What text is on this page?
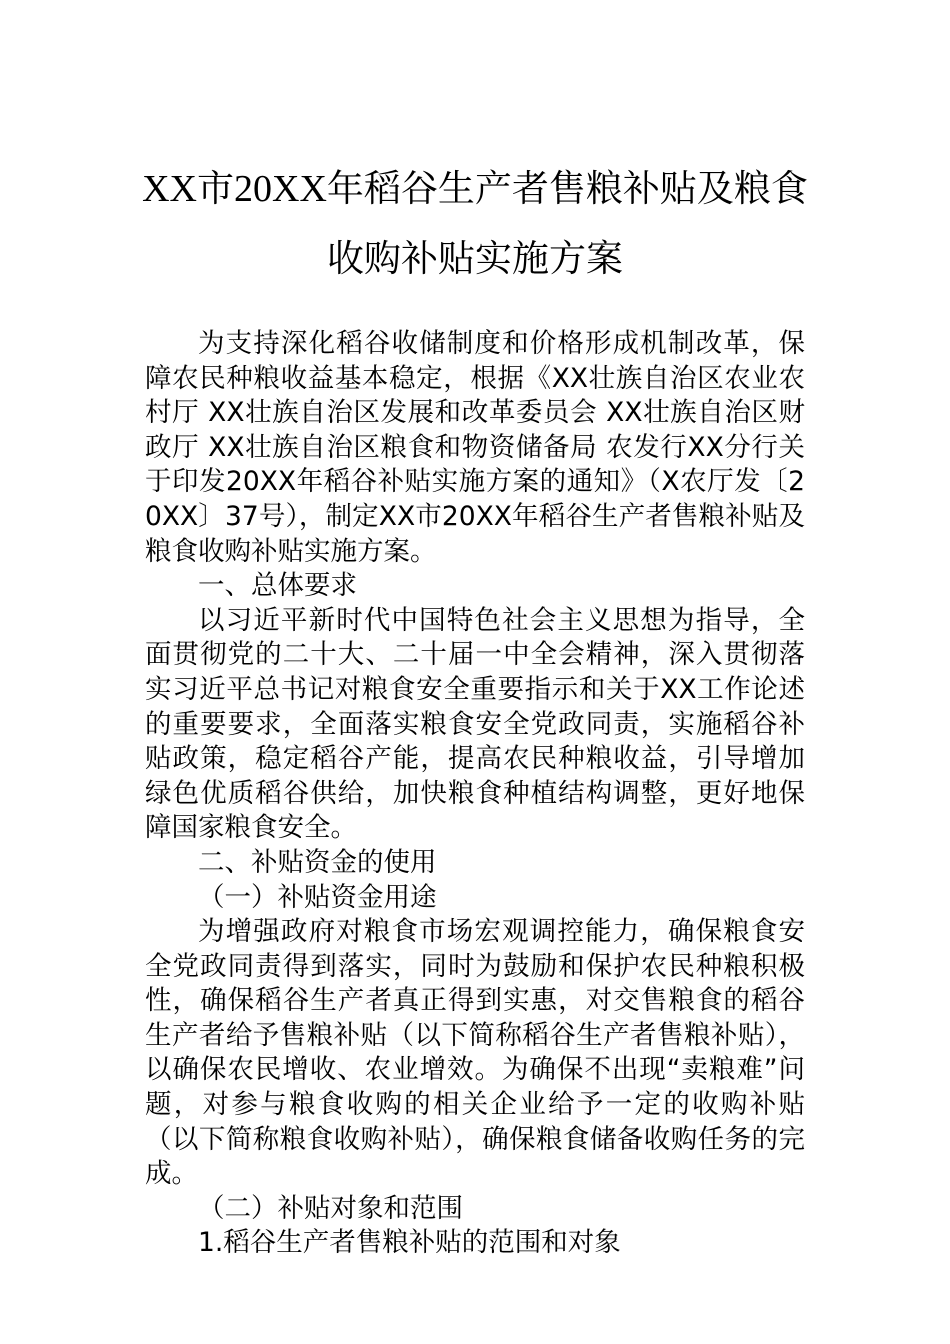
XX市20XX年稻谷生产者售粮补贴及粮食
收购补贴实施方案

为支持深化稻谷收储制度和价格形成机制改革，保障农民种粮收益基本稳定，根据《XX壮族自治区农业农村厅 XX壮族自治区发展和改革委员会 XX壮族自治区财政厅 XX壮族自治区粮食和物资储备局 农发行XX分行关于印发20XX年稻谷补贴实施方案的通知》（X农厅发〔20XX〕37号），制定XX市20XX年稻谷生产者售粮补贴及粮食收购补贴实施方案。

一、总体要求

以习近平新时代中国特色社会主义思想为指导，全面贯彻党的二十大、二十届一中全会精神，深入贯彻落实习近平总书记对粮食安全重要指示和关于XX工作论述的重要要求，全面落实粮食安全党政同责，实施稻谷补贴政策，稳定稻谷产能，提高农民种粮收益，引导增加绿色优质稻谷供给，加快粮食种植结构调整，更好地保障国家粮食安全。

二、补贴资金的使用

（一）补贴资金用途

为增强政府对粮食市场宏观调控能力，确保粮食安全党政同责得到落实，同时为鼓励和保护农民种粮积极性，确保稻谷生产者真正得到实惠，对交售粮食的稻谷生产者给予售粮补贴（以下简称稻谷生产者售粮补贴），以确保农民增收、农业增效。为确保不出现“卖粮难”问题，对参与粮食收购的相关企业给予一定的收购补贴（以下简称粮食收购补贴），确保粮食储备收购任务的完成。

（二）补贴对象和范围

1.稻谷生产者售粮补贴的范围和对象
